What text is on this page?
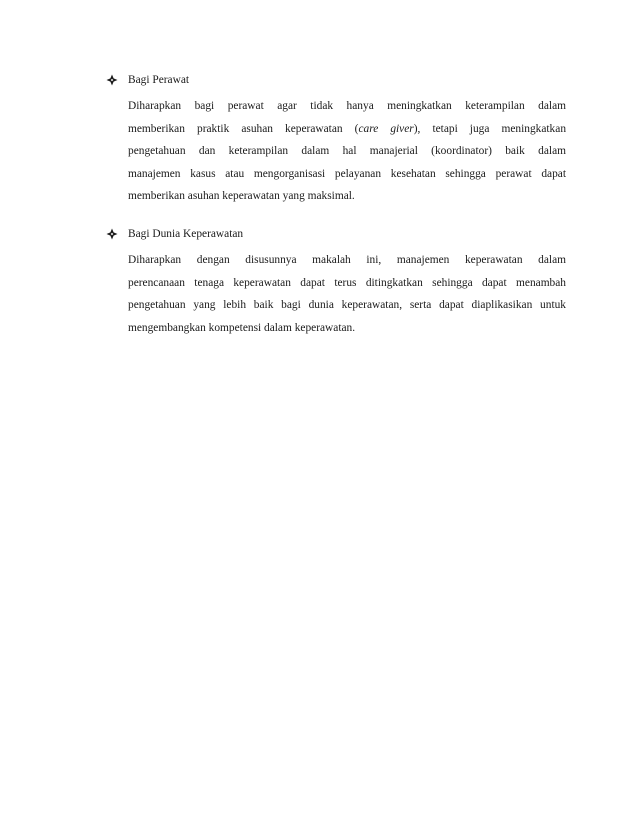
Bagi Perawat
Diharapkan bagi perawat agar tidak hanya meningkatkan keterampilan dalam
memberikan praktik asuhan keperawatan (care giver), tetapi juga meningkatkan
pengetahuan dan keterampilan dalam hal manajerial (koordinator) baik dalam
manajemen kasus atau mengorganisasi pelayanan kesehatan sehingga perawat dapat
memberikan asuhan keperawatan yang maksimal.
Bagi Dunia Keperawatan
Diharapkan dengan disusunnya makalah ini, manajemen keperawatan dalam
perencanaan tenaga keperawatan dapat terus ditingkatkan sehingga dapat menambah
pengetahuan yang lebih baik bagi dunia keperawatan, serta dapat diaplikasikan untuk
mengembangkan kompetensi dalam keperawatan.
